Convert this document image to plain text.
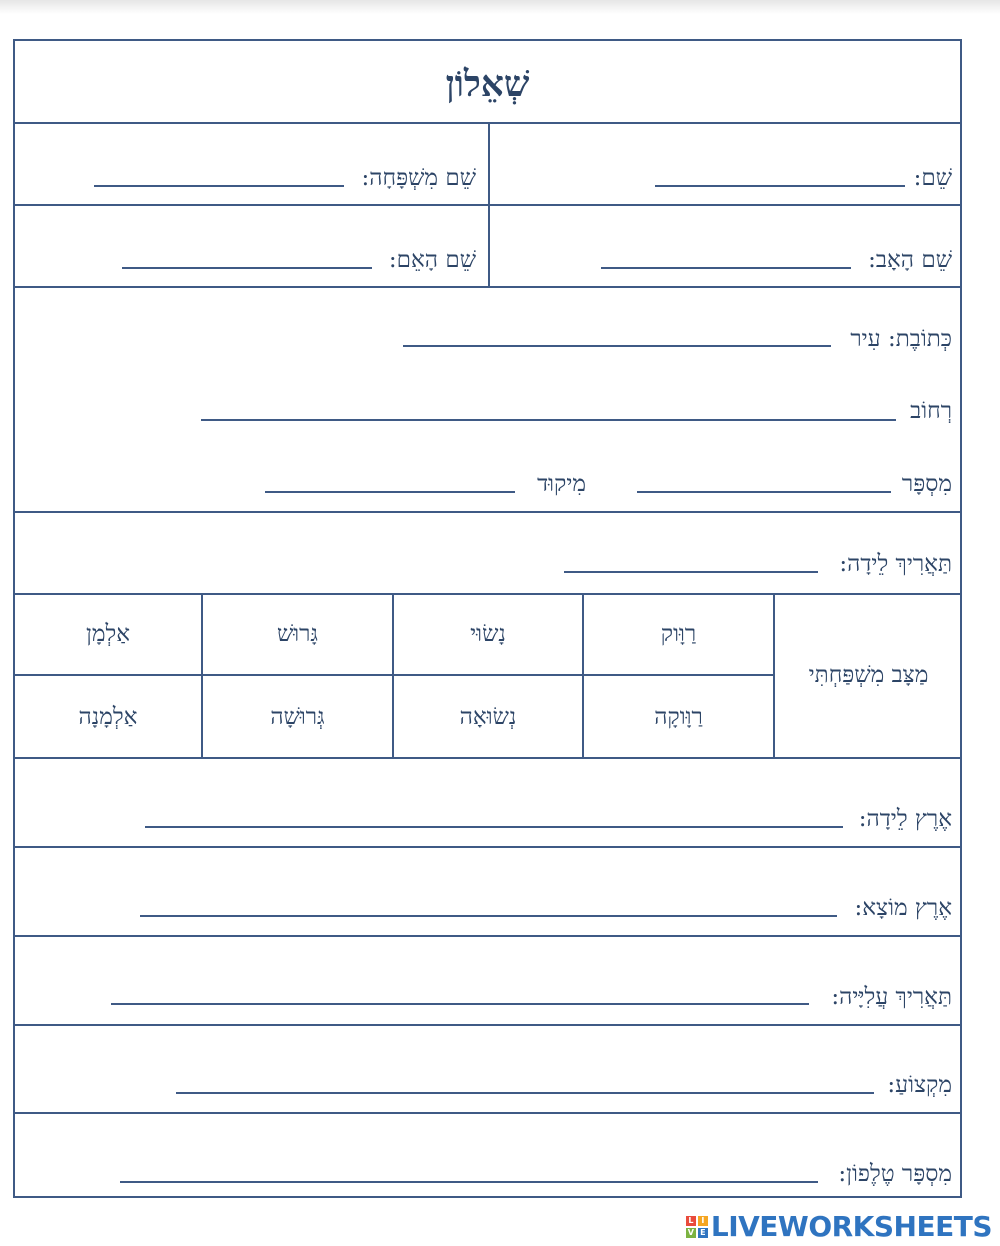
שְׁאֵלוֹן
שֵׁם:
שֵׁם מִשְׁפָּחָה:
שֵׁם הָאָב:
שֵׁם הָאֵם:
כְּתוֹבֶת: עִיר
רְחוֹב
מִסְפָּר
מִיקוּד
תַּאֲרִיךְ לֵידָה:
מַצָּב מִשְׁפַּחְתִּי
רַוָּוק
נָשׂוּי
גָּרוּשׁ
אַלְמָן
רַוָּוקָה
נְשׂוּאָה
גְּרוּשָׁה
אַלְמָנָה
אֶרֶץ לֵידָה:
אֶרֶץ מוֹצָא:
תַּאֲרִיךְ עֲלִיָּיה:
מִקְצוֹעַ:
מִסְפָּר טֶלֶפוֹן:
L I
V E LIVEWORKSHEETS
